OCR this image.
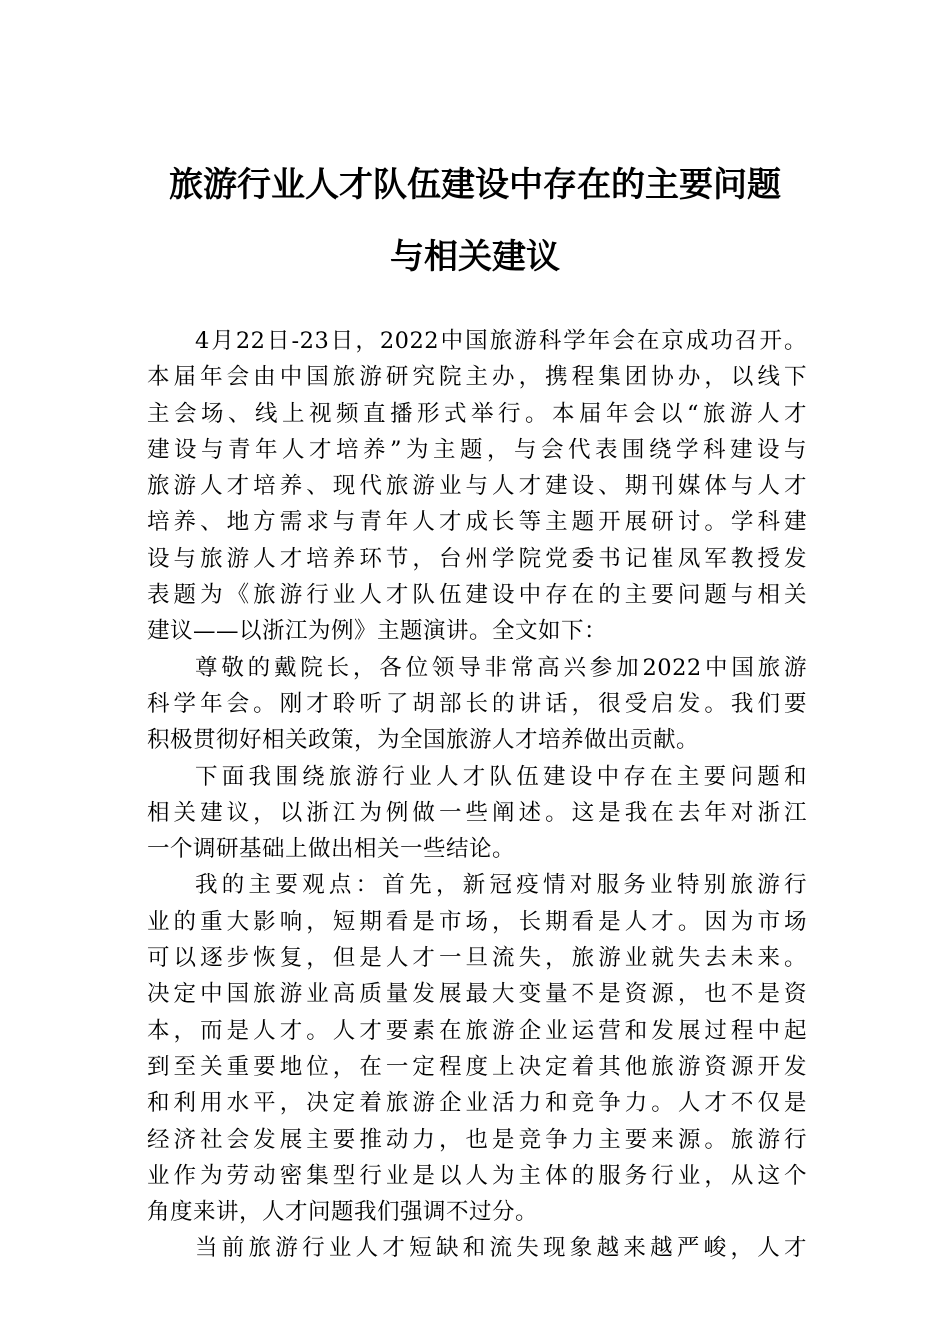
旅游行业人才队伍建设中存在的主要问题
与相关建议
4月22日-23日，2022中国旅游科学年会在京成功召开。
本届年会由中国旅游研究院主办，携程集团协办，以线下
主会场、线上视频直播形式举行。本届年会以“旅游人才
建设与青年人才培养”为主题，与会代表围绕学科建设与
旅游人才培养、现代旅游业与人才建设、期刊媒体与人才
培养、地方需求与青年人才成长等主题开展研讨。学科建
设与旅游人才培养环节，台州学院党委书记崔凤军教授发
表题为《旅游行业人才队伍建设中存在的主要问题与相关
建议——以浙江为例》主题演讲。全文如下：
尊敬的戴院长，各位领导非常高兴参加2022中国旅游
科学年会。刚才聆听了胡部长的讲话，很受启发。我们要
积极贯彻好相关政策，为全国旅游人才培养做出贡献。
下面我围绕旅游行业人才队伍建设中存在主要问题和
相关建议，以浙江为例做一些阐述。这是我在去年对浙江
一个调研基础上做出相关一些结论。
我的主要观点：首先，新冠疫情对服务业特别旅游行
业的重大影响，短期看是市场，长期看是人才。因为市场
可以逐步恢复，但是人才一旦流失，旅游业就失去未来。
决定中国旅游业高质量发展最大变量不是资源，也不是资
本，而是人才。人才要素在旅游企业运营和发展过程中起
到至关重要地位，在一定程度上决定着其他旅游资源开发
和利用水平，决定着旅游企业活力和竞争力。人才不仅是
经济社会发展主要推动力，也是竞争力主要来源。旅游行
业作为劳动密集型行业是以人为主体的服务行业，从这个
角度来讲，人才问题我们强调不过分。
当前旅游行业人才短缺和流失现象越来越严峻，人才
